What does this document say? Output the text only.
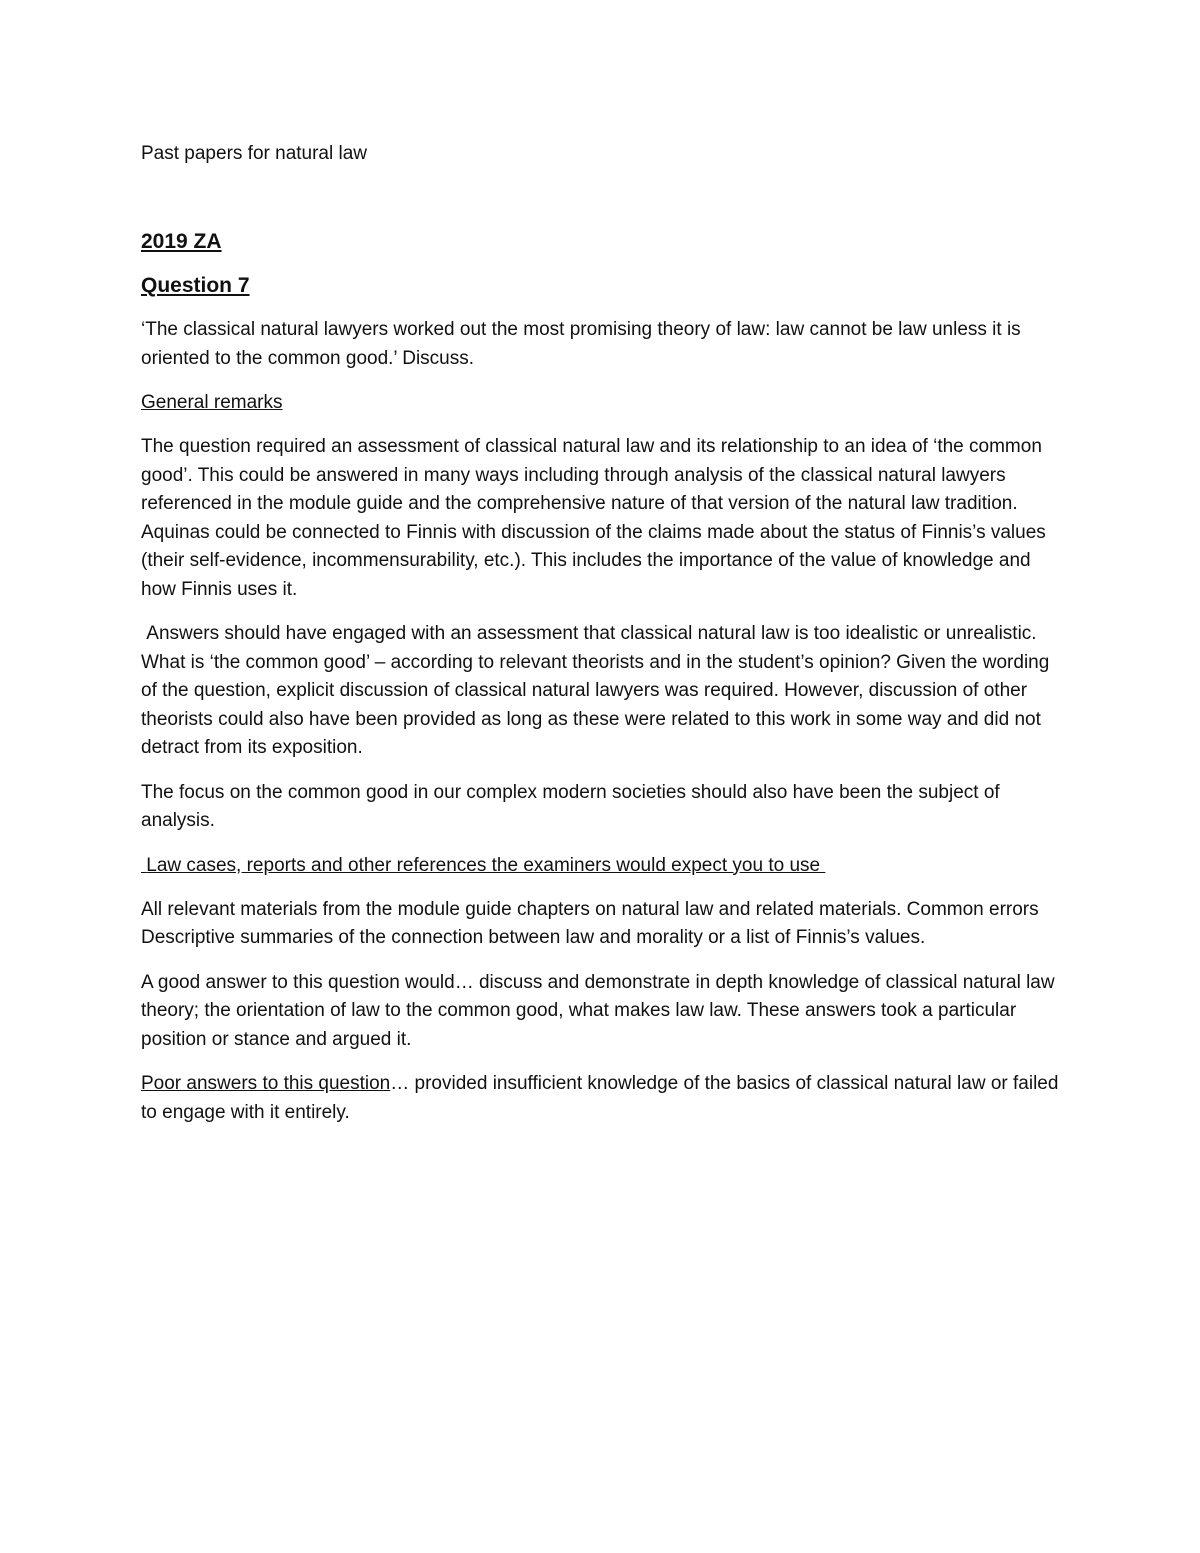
Past papers for natural law
2019 ZA
Question 7

‘The classical natural lawyers worked out the most promising theory of law: law cannot be law unless it is oriented to the common good.’ Discuss.

General remarks

The question required an assessment of classical natural law and its relationship to an idea of ‘the common good’. This could be answered in many ways including through analysis of the classical natural lawyers referenced in the module guide and the comprehensive nature of that version of the natural law tradition. Aquinas could be connected to Finnis with discussion of the claims made about the status of Finnis’s values (their self-evidence, incommensurability, etc.). This includes the importance of the value of knowledge and how Finnis uses it.

Answers should have engaged with an assessment that classical natural law is too idealistic or unrealistic. What is ‘the common good’ – according to relevant theorists and in the student’s opinion? Given the wording of the question, explicit discussion of classical natural lawyers was required. However, discussion of other theorists could also have been provided as long as these were related to this work in some way and did not detract from its exposition.

The focus on the common good in our complex modern societies should also have been the subject of analysis.

Law cases, reports and other references the examiners would expect you to use

All relevant materials from the module guide chapters on natural law and related materials. Common errors Descriptive summaries of the connection between law and morality or a list of Finnis’s values.

A good answer to this question would… discuss and demonstrate in depth knowledge of classical natural law theory; the orientation of law to the common good, what makes law law. These answers took a particular position or stance and argued it.

Poor answers to this question… provided insufficient knowledge of the basics of classical natural law or failed to engage with it entirely.
